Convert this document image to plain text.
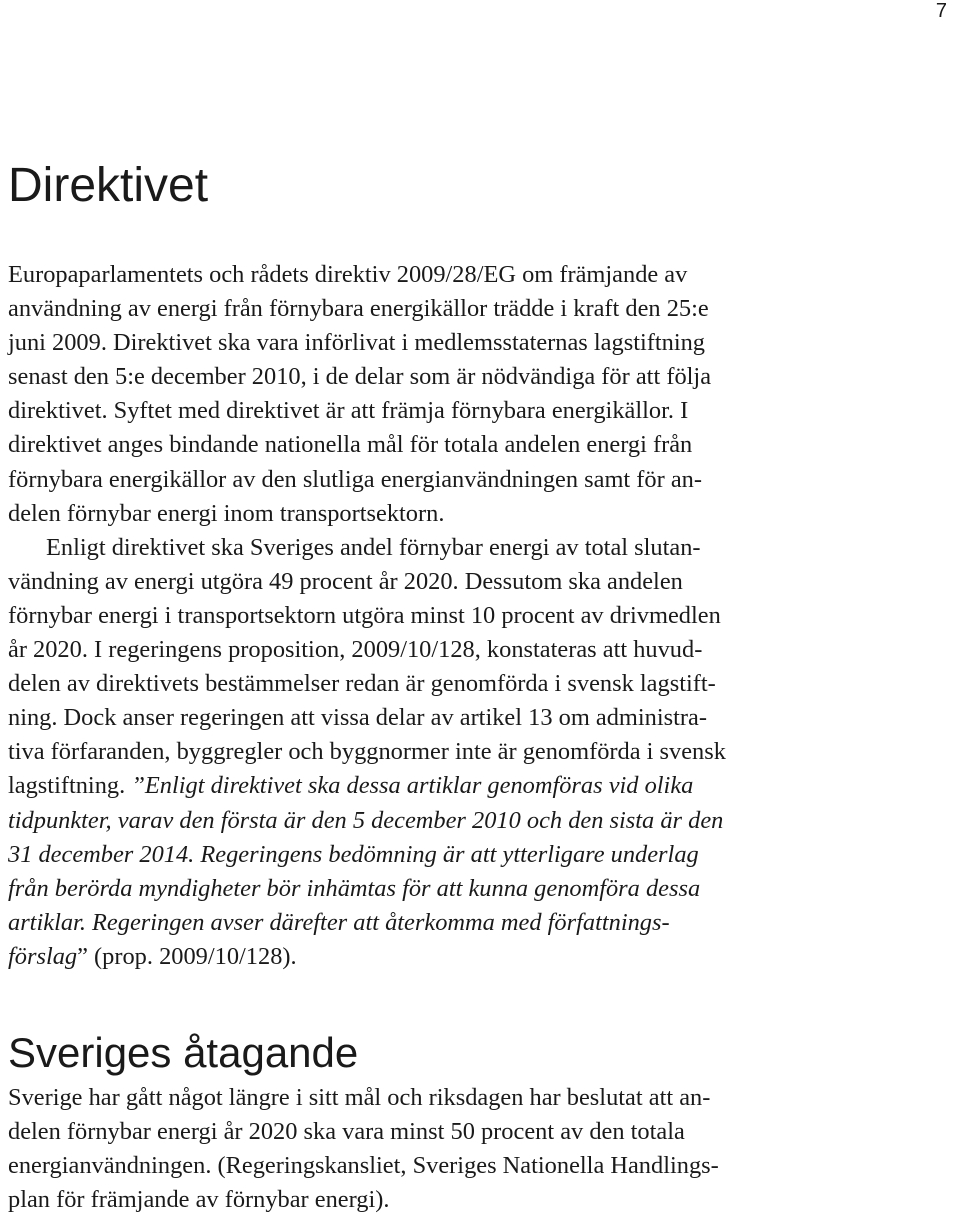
7
Direktivet
Europaparlamentets och rådets direktiv 2009/28/EG om främjande av
användning av energi från förnybara energikällor trädde i kraft den 25:e
juni 2009. Direktivet ska vara införlivat i medlemsstaternas lagstiftning
senast den 5:e december 2010, i de delar som är nödvändiga för att följa
direktivet. Syftet med direktivet är att främja förnybara energikällor. I
direktivet anges bindande nationella mål för totala andelen energi från
förnybara energikällor av den slutliga energianvändningen samt för an-
delen förnybar energi inom transportsektorn.
Enligt direktivet ska Sveriges andel förnybar energi av total slutan-
vändning av energi utgöra 49 procent år 2020. Dessutom ska andelen
förnybar energi i transportsektorn utgöra minst 10 procent av drivmedlen
år 2020. I regeringens proposition, 2009/10/128, konstateras att huvud-
delen av direktivets bestämmelser redan är genomförda i svensk lagstift-
ning. Dock anser regeringen att vissa delar av artikel 13 om administra-
tiva förfaranden, byggregler och byggnormer inte är genomförda i svensk
lagstiftning. ”Enligt direktivet ska dessa artiklar genomföras vid olika
tidpunkter, varav den första är den 5 december 2010 och den sista är den
31 december 2014. Regeringens bedömning är att ytterligare underlag
från berörda myndigheter bör inhämtas för att kunna genomföra dessa
artiklar. Regeringen avser därefter att återkomma med författnings-
förslag” (prop. 2009/10/128).
Sveriges åtagande
Sverige har gått något längre i sitt mål och riksdagen har beslutat att an-
delen förnybar energi år 2020 ska vara minst 50 procent av den totala
energianvändningen. (Regeringskansliet, Sveriges Nationella Handlings-
plan för främjande av förnybar energi).
